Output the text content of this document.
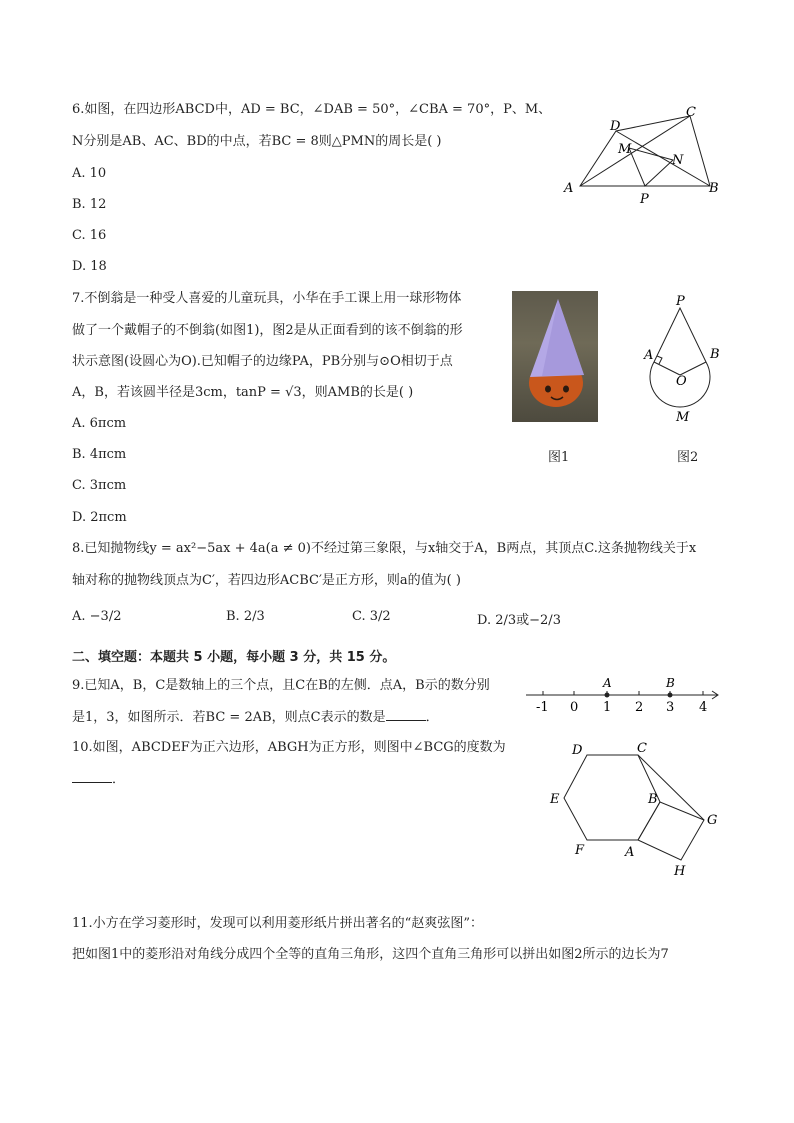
6.如图，在四边形ABCD中，AD = BC，∠DAB = 50°，∠CBA = 70°，P、M、
N分别是AB、AC、BD的中点，若BC = 8则△PMN的周长是( )
A. 10
B. 12
C. 16
D. 18
D
C
M
N
A	B
P
7.不倒翁是一种受人喜爱的儿童玩具，小华在手工课上用一球形物体
做了一个戴帽子的不倒翁(如图1)，图2是从正面看到的该不倒翁的形
状示意图(设圆心为O).已知帽子的边缘PA，PB分别与⊙O相切于点
A，B，若该圆半径是3cm，tanP = √3，则AMB的长是( )
A. 6πcm
B. 4πcm
C. 3πcm
D. 2πcm
P
A	B
O
M
图1	图2
8.已知抛物线y = ax²−5ax + 4a(a ≠ 0)不经过第三象限，与x轴交于A，B两点，其顶点C.这条抛物线关于x
轴对称的抛物线顶点为C′，若四边形ACBC′是正方形，则a的值为( )
A. −3/2	B. 2/3	C. 3/2	D. 2/3或−2/3
二、填空题：本题共 5 小题，每小题 3 分，共 15 分。
9.已知A，B，C是数轴上的三个点，且C在B的左侧．点A，B示的数分别
是1，3，如图所示．若BC = 2AB，则点C表示的数是	．
A	B
-1 0 1 2 3 4
10.如图，ABCDEF为正六边形，ABGH为正方形，则图中∠BCG的度数为
．
D	C
E	B
G
F	A
H
11.小方在学习菱形时，发现可以利用菱形纸片拼出著名的“赵爽弦图”：
把如图1中的菱形沿对角线分成四个全等的直角三角形，这四个直角三角形可以拼出如图2所示的边长为7
